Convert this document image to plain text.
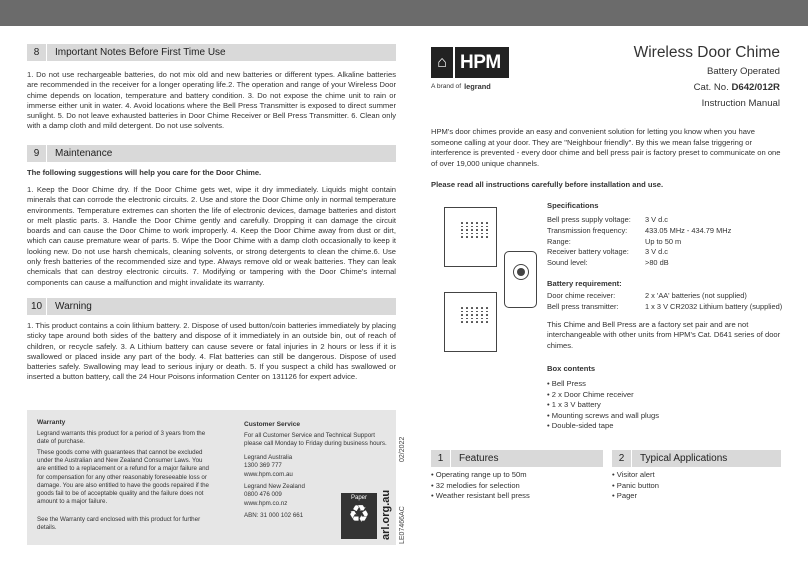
8	Important Notes Before First Time Use
1. Do not use rechargeable batteries, do not mix old and new batteries or different types. Alkaline batteries are recommended in the receiver for a longer operating life.2. The operation and range of your Wireless Door chime depends on location, temperature and battery condition. 3. Do not expose the chime unit to rain or immerse either unit in water. 4. Avoid locations where the Bell Press Transmitter is exposed to direct summer sunlight. 5. Do not leave exhausted batteries in Door Chime Receiver or Bell Press Transmitter. 6. Clean only with a damp cloth and mild detergent. Do not use solvents.
9	Maintenance
The following suggestions will help you care for the Door Chime.
1. Keep the Door Chime dry. If the Door Chime gets wet, wipe it dry immediately. Liquids might contain minerals that can corrode the electronic circuits. 2. Use and store the Door Chime only in normal temperature environments. Temperature extremes can shorten the life of electronic devices, damage batteries and distort or melt plastic parts. 3. Handle the Door Chime gently and carefully. Dropping it can damage the circuit boards and can cause the Door Chime to work improperly. 4. Keep the Door Chime away from dust or dirt, which can cause premature wear of parts. 5. Wipe the Door Chime with a damp cloth occasionally to keep it looking new. Do not use harsh chemicals, cleaning solvents, or strong detergents to clean the chime.6. Use only fresh batteries of the recommended size and type. Always remove old or weak batteries. They can leak chemicals that can destroy electronic circuits. 7. Modifying or tampering with the Door Chime's internal components can cause a malfunction and might invalidate its warranty.
10	Warning
1. This product contains a coin lithium battery. 2. Dispose of used button/coin batteries immediately by placing sticky tape around both sides of the battery and dispose of it immediately in an outside bin, out of reach of children, or recycle safely. 3. A Lithium battery can cause severe or fatal injuries in 2 hours or less if it is swallowed or placed inside any part of the body. 4. Flat batteries can still be dangerous. Dispose of used batteries safely. Swallowing may lead to serious injury or death. 5. If you suspect a child has swallowed or inserted a button battery, call the 24 Hour Poisons information Center on 131126 for expert advice.
Warranty
Legrand warrants this product for a period of 3 years from the date of purchase.
These goods come with guarantees that cannot be excluded under the Australian and New Zealand Consumer Laws. You are entitled to a replacement or a refund for a major failure and for compensation for any other reasonably foreseeable loss or damage. You are also entitled to have the goods repaired if the goods fail to be of acceptable quality and the failure does not amount to a major failure.
See the Warranty card enclosed with this product for further details.
Customer Service
For all Customer Service and Technical Support please call Monday to Friday during business hours.
Legrand Australia
1300 369 777
www.hpm.com.au
Legrand New Zealand
0800 476 009
www.hpm.co.nz
ABN: 31 000 102 661
02/2022
LE07466AC
Paper
♻ arl.org.au
⌂ HPM
A brand of legrand
Wireless Door Chime
Battery Operated
Cat. No. D642/012R
Instruction Manual
HPM's door chimes provide an easy and convenient solution for letting you know when you have someone calling at your door. They are "Neighbour friendly". By this we mean false triggering or interference is prevented - every door chime and bell press pair is factory preset to communicate on one of over 19,000 unique channels.
Please read all instructions carefully before installation and use.
Specifications
Bell press supply voltage:	3 V d.c
Transmission frequency:	433.05 MHz - 434.79 MHz
Range:	Up to 50 m
Receiver battery voltage:	3 V d.c
Sound level:	>80 dB
Battery requirement:
Door chime receiver:	2 x 'AA' batteries (not supplied)
Bell press transmitter:	1 x 3 V CR2032 Lithium battery (supplied)
This Chime and Bell Press are a factory set pair and are not interchangeable with other units from HPM's Cat. D641 series of door chimes.
Box contents
• Bell Press
• 2 x Door Chime receiver
• 1 x 3 V battery
• Mounting screws and wall plugs
• Double-sided tape
1	Features
• Operating range up to 50m
• 32 melodies for selection
• Weather resistant bell press
2	Typical Applications
• Visitor alert
• Panic button
• Pager
